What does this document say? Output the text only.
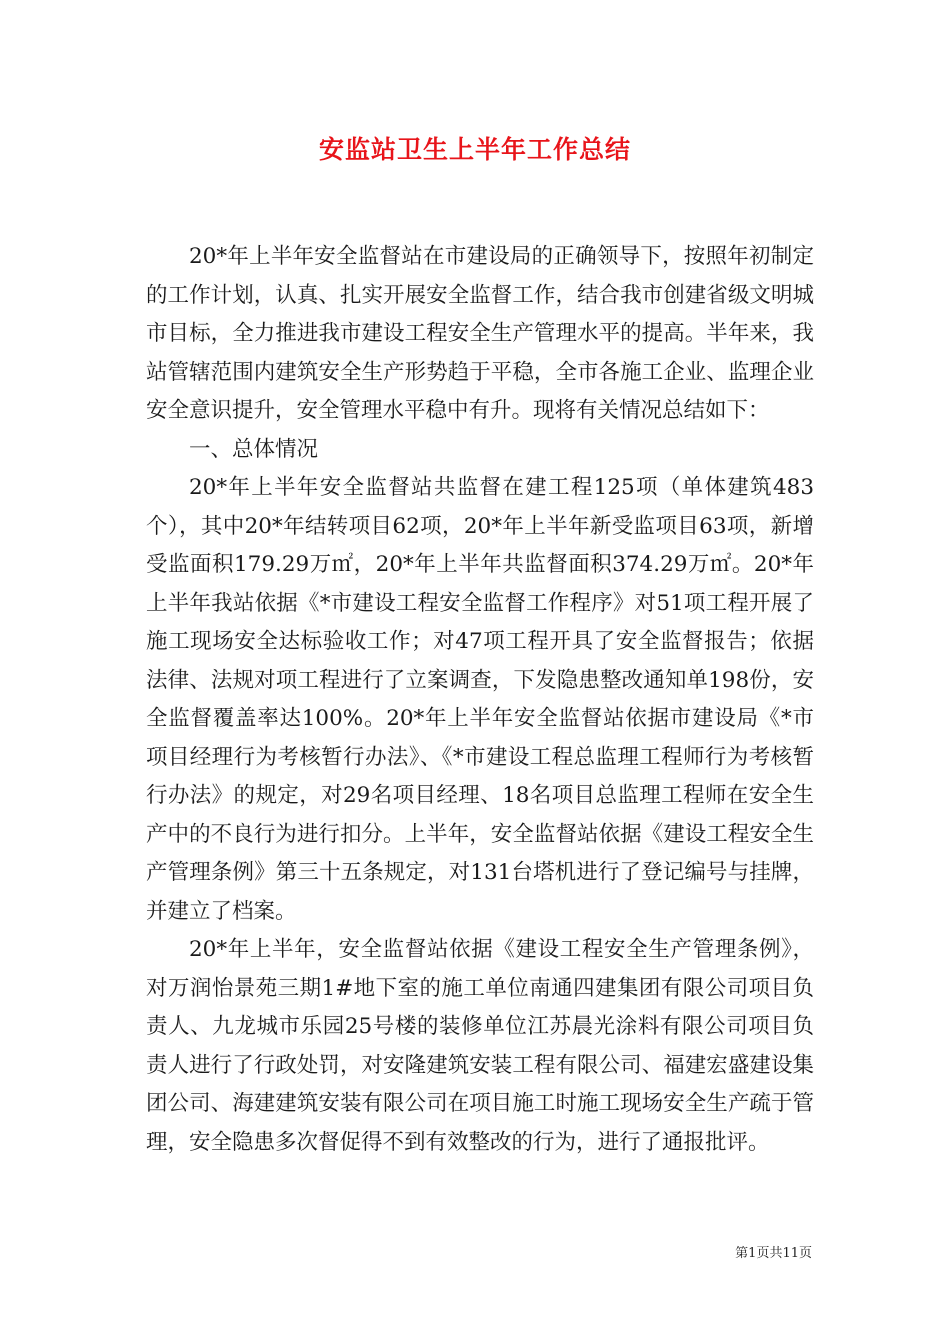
安监站卫生上半年工作总结

20*年上半年安全监督站在市建设局的正确领导下，按照年初制定的工作计划，认真、扎实开展安全监督工作，结合我市创建省级文明城市目标，全力推进我市建设工程安全生产管理水平的提高。半年来，我站管辖范围内建筑安全生产形势趋于平稳，全市各施工企业、监理企业安全意识提升，安全管理水平稳中有升。现将有关情况总结如下：

一、总体情况

20*年上半年安全监督站共监督在建工程125项（单体建筑483个），其中20*年结转项目62项，20*年上半年新受监项目63项，新增受监面积179.29万㎡，20*年上半年共监督面积374.29万㎡。20*年上半年我站依据《*市建设工程安全监督工作程序》对51项工程开展了施工现场安全达标验收工作；对47项工程开具了安全监督报告；依据法律、法规对项工程进行了立案调查，下发隐患整改通知单198份，安全监督覆盖率达100%。20*年上半年安全监督站依据市建设局《*市项目经理行为考核暂行办法》、《*市建设工程总监理工程师行为考核暂行办法》的规定，对29名项目经理、18名项目总监理工程师在安全生产中的不良行为进行扣分。上半年，安全监督站依据《建设工程安全生产管理条例》第三十五条规定，对131台塔机进行了登记编号与挂牌，并建立了档案。

20*年上半年，安全监督站依据《建设工程安全生产管理条例》，对万润怡景苑三期1#地下室的施工单位南通四建集团有限公司项目负责人、九龙城市乐园25号楼的装修单位江苏晨光涂料有限公司项目负责人进行了行政处罚，对安隆建筑安装工程有限公司、福建宏盛建设集团公司、海建建筑安装有限公司在项目施工时施工现场安全生产疏于管理，安全隐患多次督促得不到有效整改的行为，进行了通报批评。

第1页共11页
